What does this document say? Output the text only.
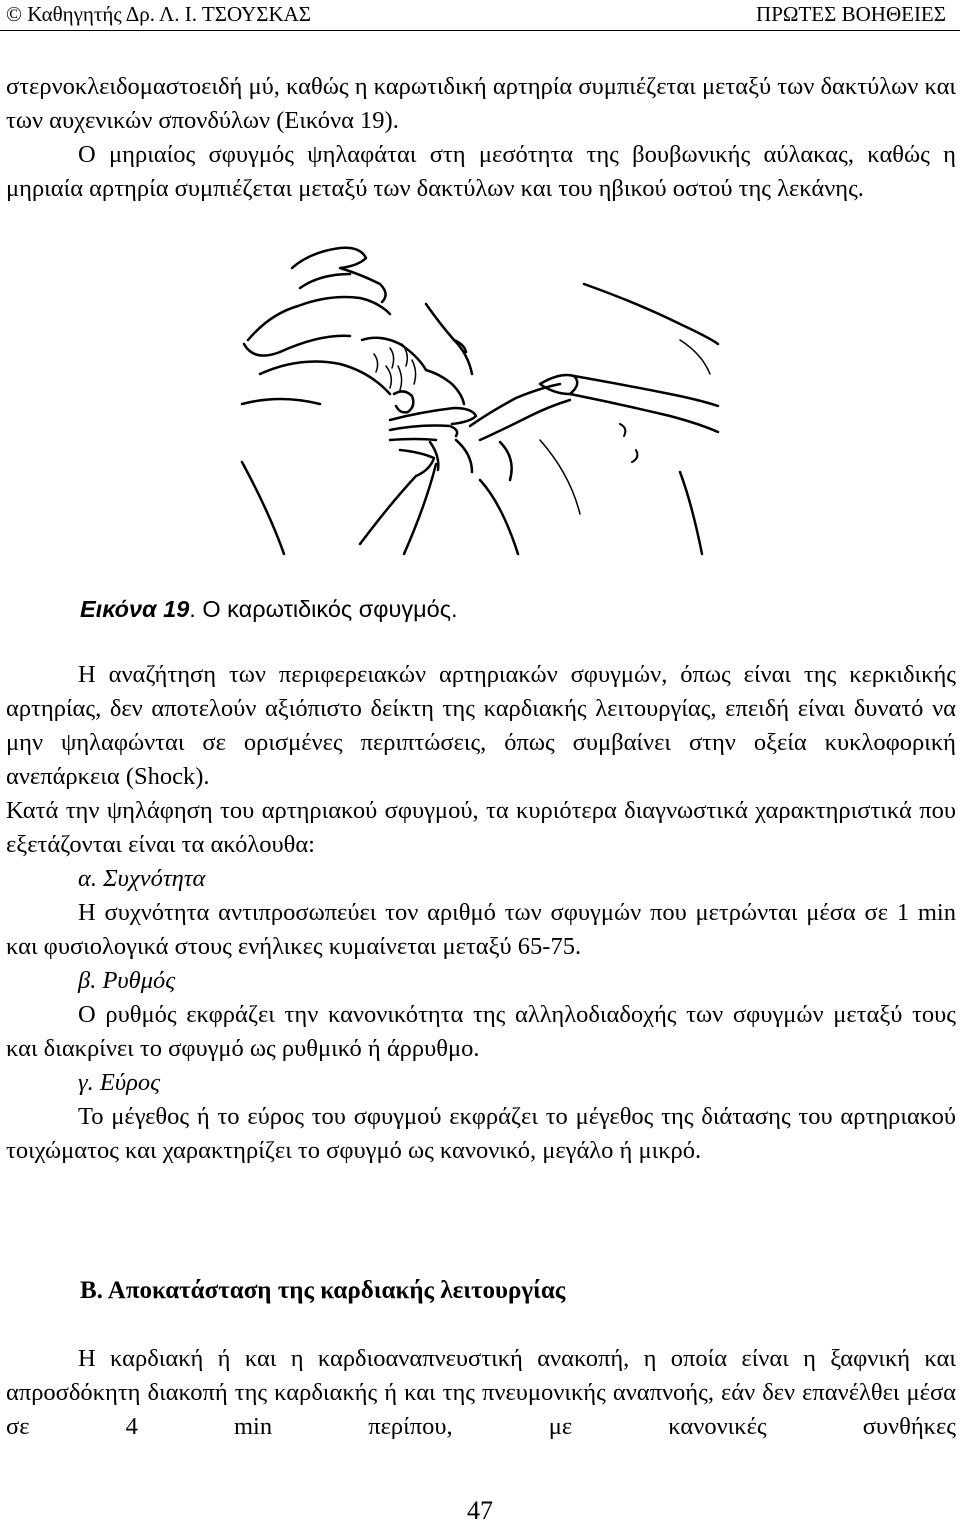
© Καθηγητής Δρ. Λ. Ι. ΤΣΟΥΣΚΑΣ	ΠΡΩΤΕΣ ΒΟΗΘΕΙΕΣ
στερνοκλειδομαστοειδή μύ, καθώς η καρωτιδική αρτηρία συμπιέζεται μεταξύ των δακτύλων και των αυχενικών σπονδύλων (Εικόνα 19).
Ο μηριαίος σφυγμός ψηλαφάται στη μεσότητα της βουβωνικής αύλακας, καθώς η μηριαία αρτηρία συμπιέζεται μεταξύ των δακτύλων και του ηβικού οστού της λεκάνης.
Εικόνα 19. Ο καρωτιδικός σφυγμός.
Η αναζήτηση των περιφερειακών αρτηριακών σφυγμών, όπως είναι της κερκιδικής αρτηρίας, δεν αποτελούν αξιόπιστο δείκτη της καρδιακής λειτουργίας, επειδή είναι δυνατό να μην ψηλαφώνται σε ορισμένες περιπτώσεις, όπως συμβαίνει στην οξεία κυκλοφορική ανεπάρκεια (Shock).
Κατά την ψηλάφηση του αρτηριακού σφυγμού, τα κυριότερα διαγνωστικά χαρακτηριστικά που εξετάζονται είναι τα ακόλουθα:
α. Συχνότητα
Η συχνότητα αντιπροσωπεύει τον αριθμό των σφυγμών που μετρώνται μέσα σε 1 min και φυσιολογικά στους ενήλικες κυμαίνεται μεταξύ 65-75.
β. Ρυθμός
Ο ρυθμός εκφράζει την κανονικότητα της αλληλοδιαδοχής των σφυγμών μεταξύ τους και διακρίνει το σφυγμό ως ρυθμικό ή άρρυθμο.
γ. Εύρος
Το μέγεθος ή το εύρος του σφυγμού εκφράζει το μέγεθος της διάτασης του αρτηριακού τοιχώματος και χαρακτηρίζει το σφυγμό ως κανονικό, μεγάλο ή μικρό.
Β. Αποκατάσταση της καρδιακής λειτουργίας
Η καρδιακή ή και η καρδιοαναπνευστική ανακοπή, η οποία είναι η ξαφνική και απροσδόκητη διακοπή της καρδιακής ή και της πνευμονικής αναπνοής, εάν δεν επανέλθει μέσα σε 4 min περίπου, με κανονικές συνθήκες
47
